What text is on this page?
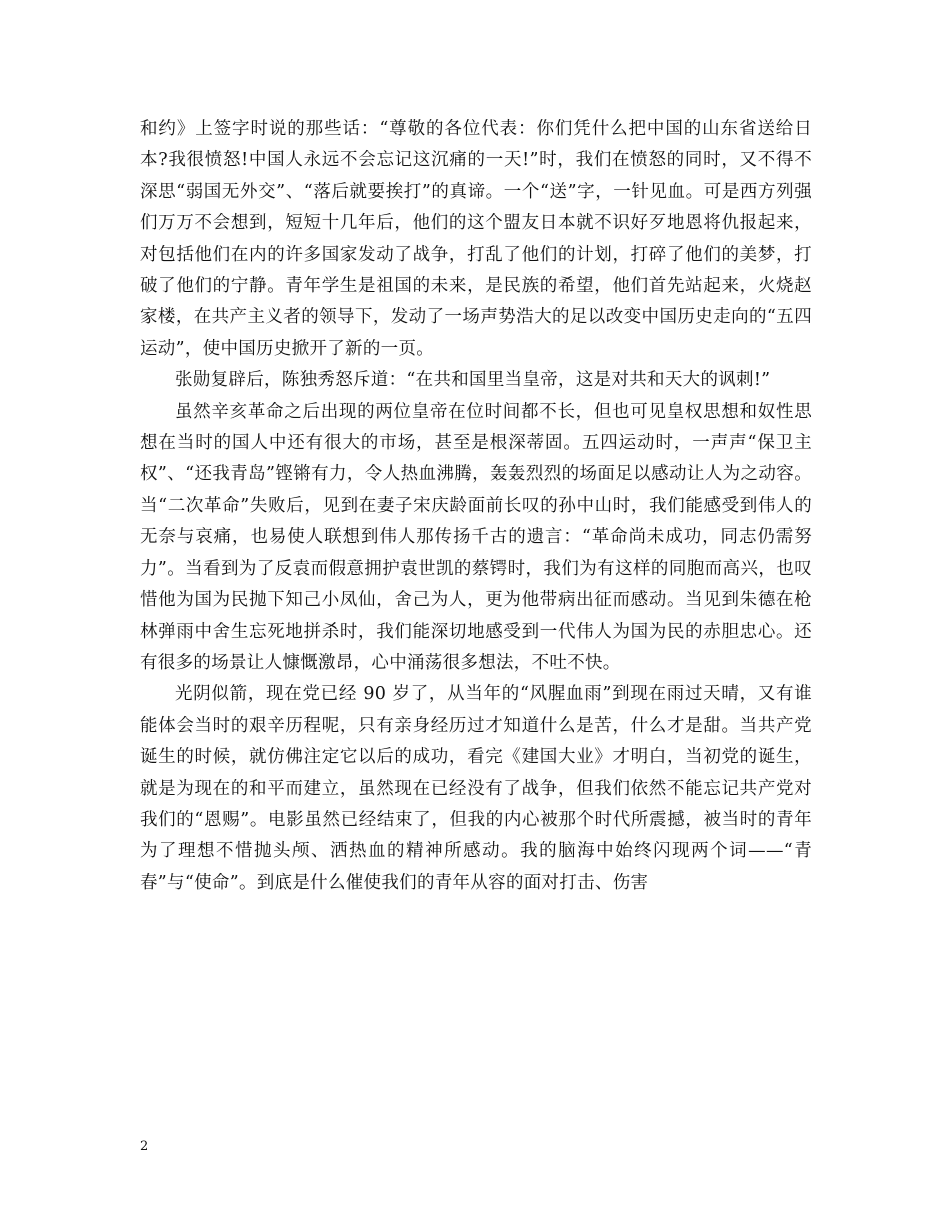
和约》上签字时说的那些话：“尊敬的各位代表：你们凭什么把中国的山东省送给日本?我很愤怒!中国人永远不会忘记这沉痛的一天!”时，我们在愤怒的同时，又不得不深思“弱国无外交”、“落后就要挨打”的真谛。一个“送”字，一针见血。可是西方列强们万万不会想到，短短十几年后，他们的这个盟友日本就不识好歹地恩将仇报起来，对包括他们在内的许多国家发动了战争，打乱了他们的计划，打碎了他们的美梦，打破了他们的宁静。青年学生是祖国的未来，是民族的希望，他们首先站起来，火烧赵家楼，在共产主义者的领导下，发动了一场声势浩大的足以改变中国历史走向的“五四运动”，使中国历史掀开了新的一页。

张勋复辟后，陈独秀怒斥道：“在共和国里当皇帝，这是对共和天大的讽刺!”

虽然辛亥革命之后出现的两位皇帝在位时间都不长，但也可见皇权思想和奴性思想在当时的国人中还有很大的市场，甚至是根深蒂固。五四运动时，一声声“保卫主权”、“还我青岛”铿锵有力，令人热血沸腾，轰轰烈烈的场面足以感动让人为之动容。当“二次革命”失败后，见到在妻子宋庆龄面前长叹的孙中山时，我们能感受到伟人的无奈与哀痛，也易使人联想到伟人那传扬千古的遗言：“革命尚未成功，同志仍需努力”。当看到为了反袁而假意拥护袁世凯的蔡锷时，我们为有这样的同胞而高兴，也叹惜他为国为民抛下知己小凤仙，舍己为人，更为他带病出征而感动。当见到朱德在枪林弹雨中舍生忘死地拼杀时，我们能深切地感受到一代伟人为国为民的赤胆忠心。还有很多的场景让人慷慨激昂，心中涌荡很多想法，不吐不快。

光阴似箭，现在党已经 90 岁了，从当年的“风腥血雨”到现在雨过天晴，又有谁能体会当时的艰辛历程呢，只有亲身经历过才知道什么是苦，什么才是甜。当共产党诞生的时候，就仿佛注定它以后的成功，看完《建国大业》才明白，当初党的诞生，就是为现在的和平而建立，虽然现在已经没有了战争，但我们依然不能忘记共产党对我们的“恩赐”。电影虽然已经结束了，但我的内心被那个时代所震撼，被当时的青年为了理想不惜抛头颅、洒热血的精神所感动。我的脑海中始终闪现两个词——“青春”与“使命”。到底是什么催使我们的青年从容的面对打击、伤害

2
